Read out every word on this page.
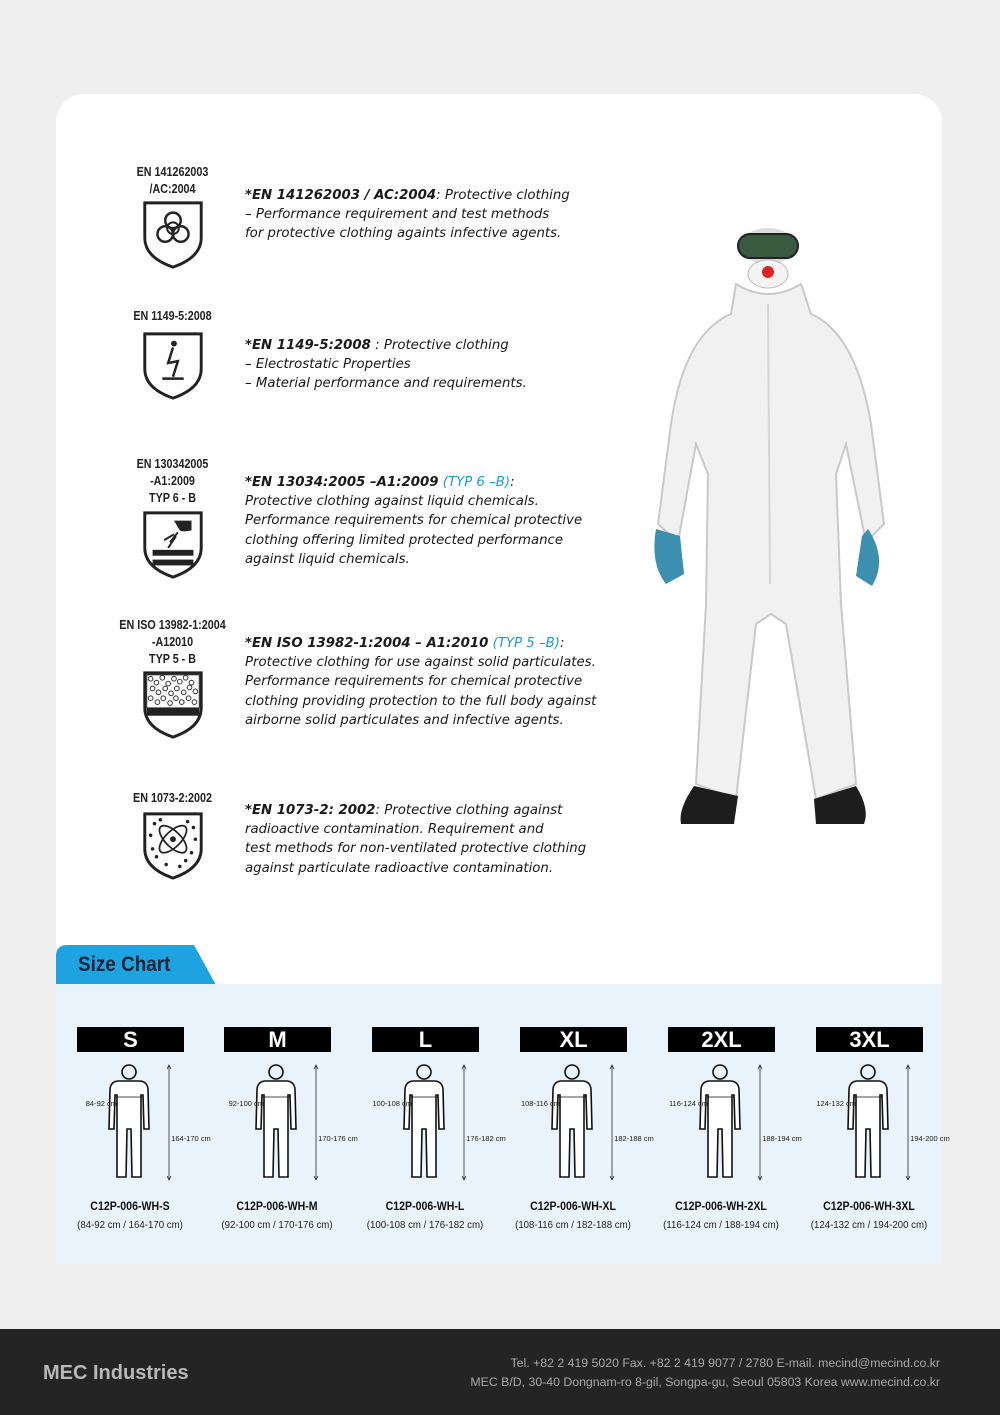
EN 141262003
/AC:2004	*EN 141262003 / AC:2004: Protective clothing
– Performance requirement and test methods
for protective clothing againts infective agents.
EN 1149-5:2008
*EN 1149-5:2008 : Protective clothing
– Electrostatic Properties
– Material performance and requirements.
EN 130342005
-A1:2009
TYP 6 - B
*EN 13034:2005 –A1:2009 (TYP 6 –B):
Protective clothing against liquid chemicals.
Performance requirements for chemical protective
clothing offering limited protected performance
against liquid chemicals.
EN ISO 13982-1:2004
-A12010
TYP 5 - B
*EN ISO 13982-1:2004 – A1:2010 (TYP 5 –B):
Protective clothing for use against solid particulates.
Performance requirements for chemical protective
clothing providing protection to the full body against
airborne solid particulates and infective agents.
EN 1073-2:2002
*EN 1073-2: 2002: Protective clothing against
radioactive contamination. Requirement and
test methods for non-ventilated protective clothing
against particulate radioactive contamination.
Size Chart
S
84-92 cm
164-170 cm
C12P-006-WH-S
(84-92 cm / 164-170 cm)
M
92-100 cm
170-176 cm
C12P-006-WH-M
(92-100 cm / 170-176 cm)
L
100-108 cm
176-182 cm
C12P-006-WH-L
(100-108 cm / 176-182 cm)
XL
108-116 cm
182-188 cm
C12P-006-WH-XL
(108-116 cm / 182-188 cm)
2XL
116-124 cm
188-194 cm
C12P-006-WH-2XL
(116-124 cm / 188-194 cm)
3XL
124-132 cm
194-200 cm
C12P-006-WH-3XL
(124-132 cm / 194-200 cm)
MEC Industries	Tel. +82 2 419 5020 Fax. +82 2 419 9077 / 2780 E-mail. mecind@mecind.co.kr
MEC B/D, 30-40 Dongnam-ro 8-gil, Songpa-gu, Seoul 05803 Korea www.mecind.co.kr
